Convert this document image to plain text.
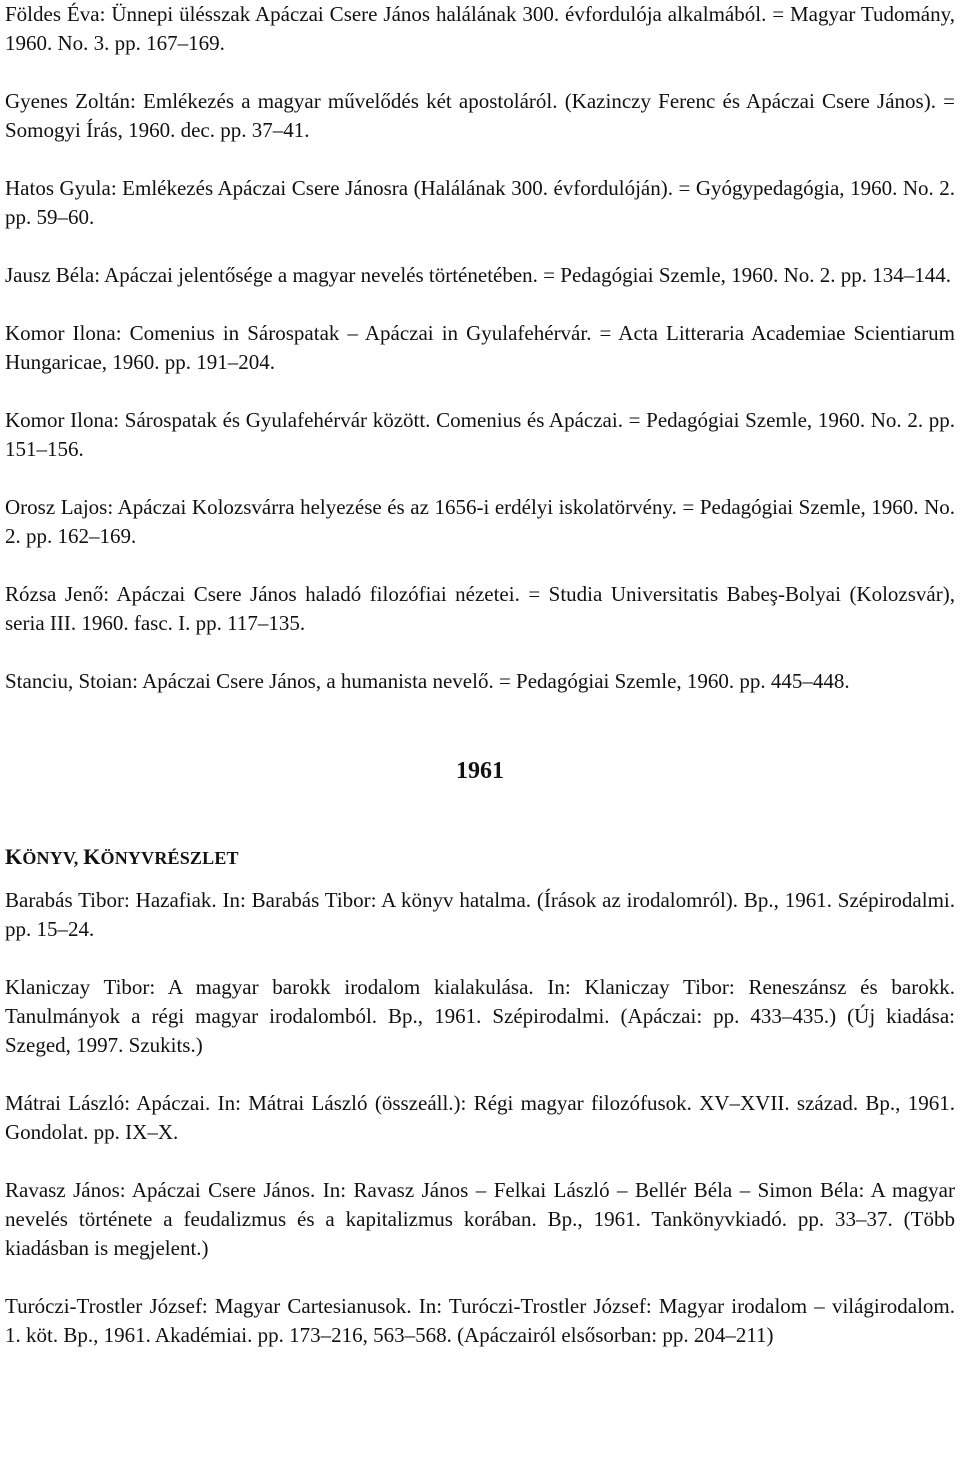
Földes Éva: Ünnepi ülésszak Apáczai Csere János halálának 300. évfordulója alkalmából. = Magyar Tudomány, 1960. No. 3. pp. 167–169.

Gyenes Zoltán: Emlékezés a magyar művelődés két apostoláról. (Kazinczy Ferenc és Apáczai Csere János). = Somogyi Írás, 1960. dec. pp. 37–41.

Hatos Gyula: Emlékezés Apáczai Csere Jánosra (Halálának 300. évfordulóján). = Gyógypedagógia, 1960. No. 2. pp. 59–60.

Jausz Béla: Apáczai jelentősége a magyar nevelés történetében. = Pedagógiai Szemle, 1960. No. 2. pp. 134–144.

Komor Ilona: Comenius in Sárospatak – Apáczai in Gyulafehérvár. = Acta Litteraria Academiae Scientiarum Hungaricae, 1960. pp. 191–204.

Komor Ilona: Sárospatak és Gyulafehérvár között. Comenius és Apáczai. = Pedagógiai Szemle, 1960. No. 2. pp. 151–156.

Orosz Lajos: Apáczai Kolozsvárra helyezése és az 1656-i erdélyi iskolatörvény. = Pedagógiai Szemle, 1960. No. 2. pp. 162–169.

Rózsa Jenő: Apáczai Csere János haladó filozófiai nézetei. = Studia Universitatis Babeş-Bolyai (Kolozsvár), seria III. 1960. fasc. I. pp. 117–135.

Stanciu, Stoian: Apáczai Csere János, a humanista nevelő. = Pedagógiai Szemle, 1960. pp. 445–448.

1961
KÖNYV, KÖNYVRÉSZLET

Barabás Tibor: Hazafiak. In: Barabás Tibor: A könyv hatalma. (Írások az irodalomról). Bp., 1961. Szépirodalmi. pp. 15–24.

Klaniczay Tibor: A magyar barokk irodalom kialakulása. In: Klaniczay Tibor: Reneszánsz és barokk. Tanulmányok a régi magyar irodalomból. Bp., 1961. Szépirodalmi. (Apáczai: pp. 433–435.) (Új kiadása: Szeged, 1997. Szukits.)

Mátrai László: Apáczai. In: Mátrai László (összeáll.): Régi magyar filozófusok. XV–XVII. század. Bp., 1961. Gondolat. pp. IX–X.

Ravasz János: Apáczai Csere János. In: Ravasz János – Felkai László – Bellér Béla – Simon Béla: A magyar nevelés története a feudalizmus és a kapitalizmus korában. Bp., 1961. Tankönyvkiadó. pp. 33–37. (Több kiadásban is megjelent.)

Turóczi-Trostler József: Magyar Cartesianusok. In: Turóczi-Trostler József: Magyar irodalom – világirodalom. 1. köt. Bp., 1961. Akadémiai. pp. 173–216, 563–568. (Apáczairól elsősorban: pp. 204–211)
